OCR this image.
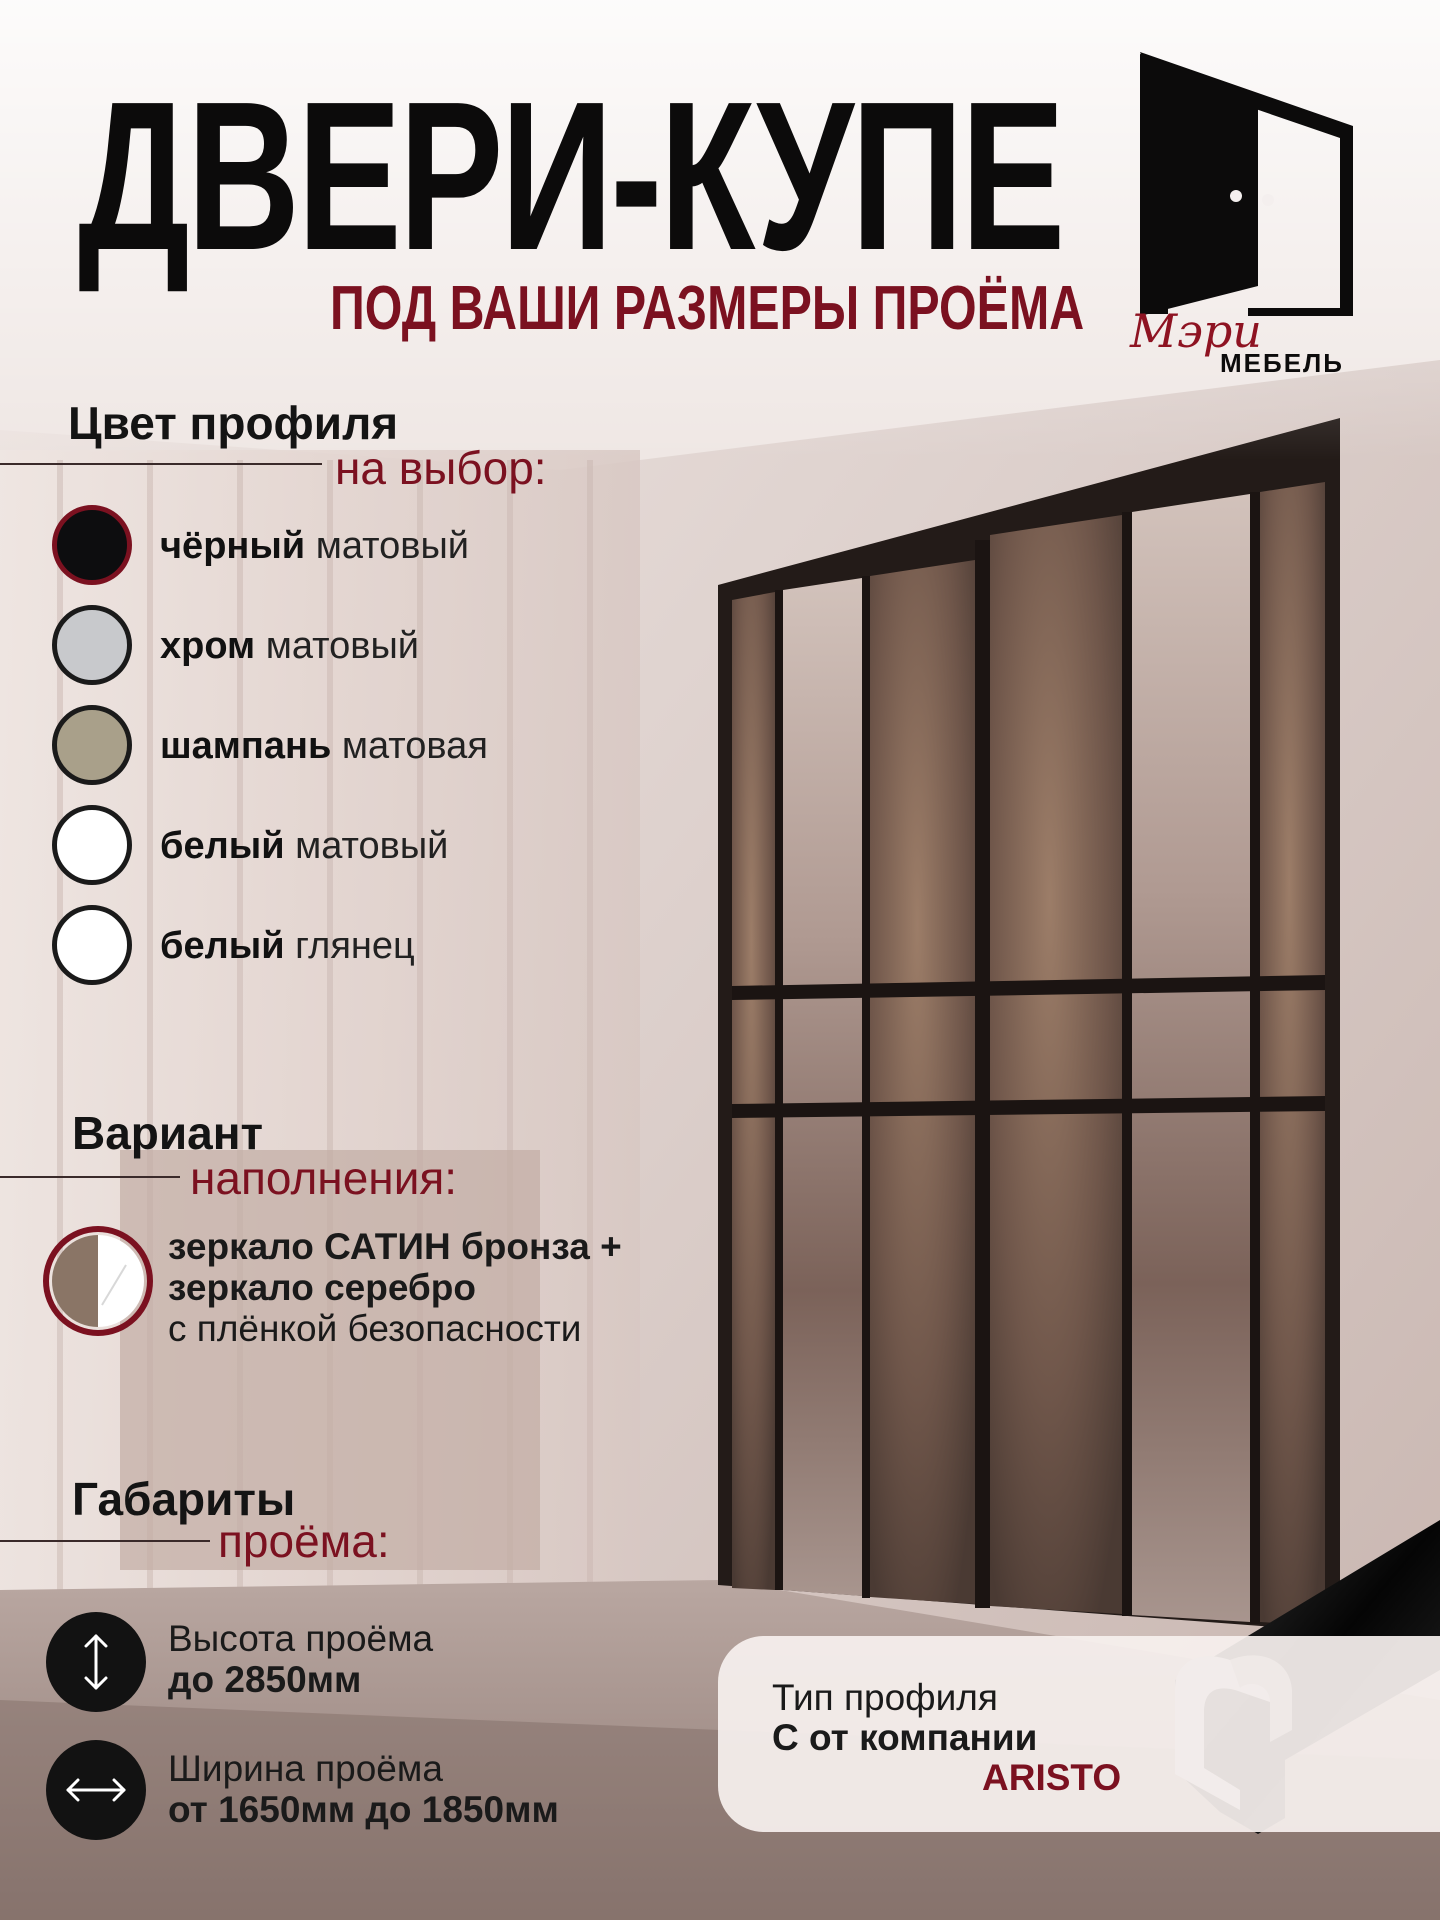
ДВЕРИ-КУПЕ
ПОД ВАШИ РАЗМЕРЫ ПРОЁМА Мэри
МЕБЕЛЬ
Цвет профиля
на выбор:
чёрный матовый
хром матовый
шампань матовая
белый матовый
белый глянец
Вариант
наполнения:
зеркало САТИН бронза +
зеркало серебро
с плёнкой безопасности
Габариты
проёма:
Высота проёма
до 2850мм
Ширина проёма
от 1650мм до 1850мм
Тип профиля
С от компании
ARISTO
